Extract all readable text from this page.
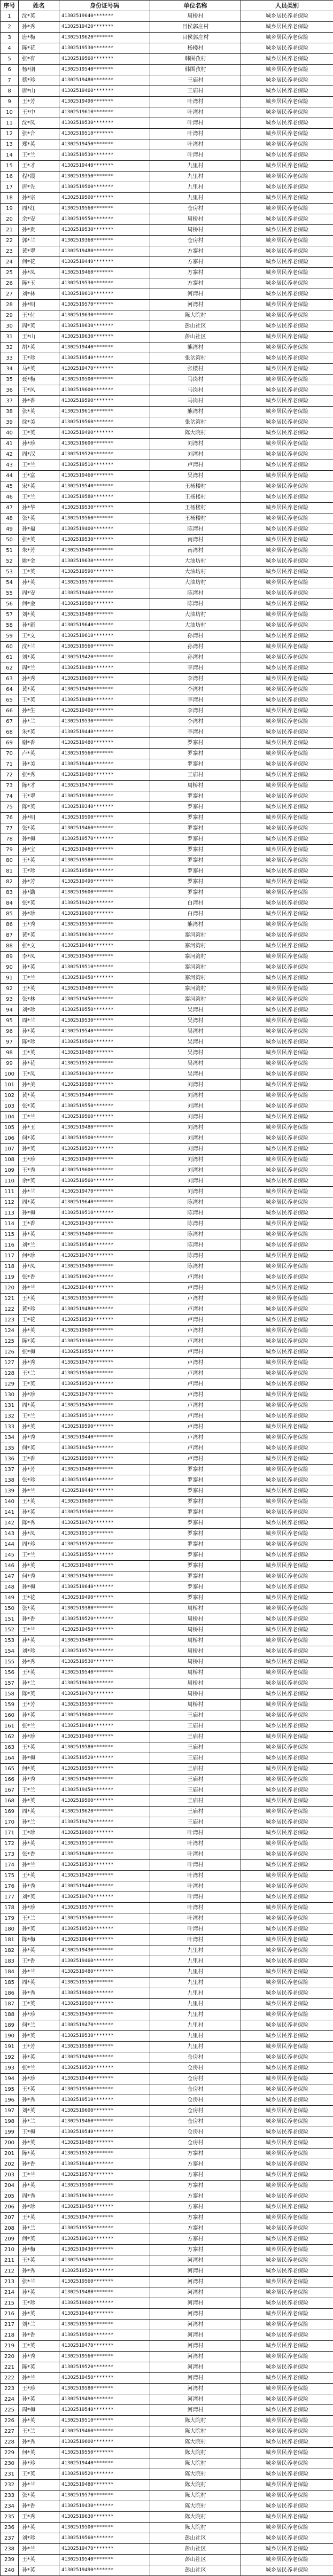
序号	姓名	身份证号码	单位名称	人员类别
1	沈*英	41302519640*******	周桥村	城乡居民养老保险
2	孙*秀	41302519420*******	目侯郭庄村	城乡居民养老保险
3	唐*梅	41302519620*******	目侯郭庄村	城乡居民养老保险
4	陈*花	41302519530*******	杨楼村	城乡居民养老保险
5	张*有	41302519560*******	韩围孜村	城乡居民养老保险
6	杨*朋	41302519540*******	韩围孜村	城乡居民养老保险
7	蔡*珍	41302519480*******	王庙村	城乡居民养老保险
8	唐*山	41302519460*******	王庙村	城乡居民养老保险
9	王*芳	41302519490*******	叶湾村	城乡居民养老保险
10	王*中	41302519610*******	叶湾村	城乡居民养老保险
11	沈*凤	41302519530*******	叶湾村	城乡居民养老保险
12	张*合	41302519510*******	叶湾村	城乡居民养老保险
13	郑*英	41302519450*******	叶湾村	城乡居民养老保险
14	王*兰	41302519530*******	叶湾村	城乡居民养老保险
15	王*才	41302519440*******	九里村	城乡居民养老保险
16	程*霞	41302519350*******	九里村	城乡居民养老保险
17	唐*先	41302519500*******	九里村	城乡居民养老保险
18	孙*宗	41302519500*******	九里村	城乡居民养老保险
19	周*红	41302519560*******	仓房村	城乡居民养老保险
20	余*安	41302519550*******	周桥村	城乡居民养老保险
21	孙*贵	41302519530*******	周桥村	城乡居民养老保险
22	郭*兰	41302519360*******	仓房村	城乡居民养老保险
23	黄*翠	41302519480*******	方寨村	城乡居民养老保险
24	何*花	41302519440*******	方寨村	城乡居民养老保险
25	孙*凤	41302519460*******	方寨村	城乡居民养老保险
26	陈*玉	41302519530*******	方寨村	城乡居民养老保险
27	刘*林	41302519610*******	河湾村	城乡居民养老保险
28	孙*明	41302519570*******	河湾村	城乡居民养老保险
29	王*付	41302519630*******	陈大院村	城乡居民养老保险
30	周*英	41302519630*******	彭山社区	城乡居民养老保险
31	王*山	41302519630*******	彭山社区	城乡居民养老保险
32	胡*英	41302519440*******	熊湾村	城乡居民养老保险
33	王*珍	41302519540*******	张岔湾村	城乡居民养老保险
34	马*英	41302519470*******	张楼村	城乡居民养老保险
35	聂*梅	41302519500*******	马岗村	城乡居民养老保险
36	王*风	41302519600*******	马岗村	城乡居民养老保险
37	孙*香	41302519590*******	马岗村	城乡居民养老保险
38	张*英	41302519610*******	熊湾村	城乡居民养老保险
39	徐*美	41302519560*******	张岔湾村	城乡居民养老保险
40	王*英	41302519490*******	陈大院村	城乡居民养老保险
41	孙*珍	41302519600*******	刘湾村	城乡居民养老保险
42	周*汉	41302519520*******	刘湾村	城乡居民养老保险
43	王*兰	41302519510*******	卢湾村	城乡居民养老保险
44	王*富	41302519460*******	吴湾村	城乡居民养老保险
45	宋*英	41302519540*******	王杨楼村	城乡居民养老保险
46	王*兰	41302519580*******	王杨楼村	城乡居民养老保险
47	孙*华	41302519530*******	王杨楼村	城乡居民养老保险
48	张*英	41302519560*******	王杨楼村	城乡居民养老保险
49	孙*福	41302519400*******	陈湾村	城乡居民养老保险
50	张*英	41302519530*******	南湾村	城乡居民养老保险
51	朱*芳	41302519400*******	南湾村	城乡居民养老保险
52	姚*金	41302519630*******	大油坊村	城乡居民养老保险
53	王*英	41302519590*******	大油坊村	城乡居民养老保险
54	孙*英	41302519570*******	大油坊村	城乡居民养老保险
55	周*安	41302519460*******	陈湾村	城乡居民养老保险
56	何*金	41302519580*******	陈湾村	城乡居民养老保险
57	刘*英	41302519480*******	大油坊村	城乡居民养老保险
58	孙*新	41302519640*******	大油坊村	城乡居民养老保险
59	王*文	41302519610*******	孙湾村	城乡居民养老保险
60	沈*兰	41302519560*******	孙湾村	城乡居民养老保险
61	刘*英	41302519420*******	孙湾村	城乡居民养老保险
62	周*兰	41302519480*******	李湾村	城乡居民养老保险
63	孙*秀	41302519600*******	李湾村	城乡居民养老保险
64	黄*英	41302519490*******	李湾村	城乡居民养老保险
65	王*英	41302519480*******	李湾村	城乡居民养老保险
66	孙*生	41302519400*******	李湾村	城乡居民养老保险
67	孙*兰	41302519530*******	李湾村	城乡居民养老保险
68	朱*英	41302519440*******	李湾村	城乡居民养老保险
69	谢*香	41302519480*******	罗寨村	城乡居民养老保险
70	卢*英	41302519560*******	罗寨村	城乡居民养老保险
71	孙*美	41302519440*******	罗寨村	城乡居民养老保险
72	张*秀	41302519480*******	王庙村	城乡居民养老保险
73	陈*才	41302519470*******	周桥村	城乡居民养老保险
74	王*翠	41302519380*******	罗寨村	城乡居民养老保险
75	陈*英	41302519340*******	罗寨村	城乡居民养老保险
76	孙*明	41302519500*******	罗寨村	城乡居民养老保险
77	张*英	41302519460*******	罗寨村	城乡居民养老保险
78	孙*梅	41302519570*******	罗寨村	城乡居民养老保险
79	孙*宝	41302519480*******	罗寨村	城乡居民养老保险
80	王*英	41302519580*******	罗寨村	城乡居民养老保险
81	王*珍	41302519580*******	罗寨村	城乡居民养老保险
82	孙*芳	41302519490*******	罗寨村	城乡居民养老保险
83	孙*勤	41302519600*******	罗寨村	城乡居民养老保险
84	张*英	41302519420*******	白湾村	城乡居民养老保险
85	孙*珍	41302519600*******	白湾村	城乡居民养老保险
86	王*秀	41302519550*******	熊湾村	城乡居民养老保险
87	黄*英	41302519630*******	寨河湾村	城乡居民养老保险
88	张*文	41302519440*******	寨河湾村	城乡居民养老保险
89	李*凤	41302519450*******	寨河湾村	城乡居民养老保险
90	孙*英	41302519510*******	寨河湾村	城乡居民养老保险
91	王*兰	41302519450*******	寨河湾村	城乡居民养老保险
92	王*英	41302519480*******	寨河湾村	城乡居民养老保险
93	张*林	41302519450*******	寨河湾村	城乡居民养老保险
94	刘*珍	41302519550*******	吴湾村	城乡居民养老保险
95	周*兰	41302519530*******	吴湾村	城乡居民养老保险
96	孙*英	41302519540*******	吴湾村	城乡居民养老保险
97	陈*珍	41302519560*******	吴湾村	城乡居民养老保险
98	王*英	41302519480*******	吴湾村	城乡居民养老保险
99	孙*花	41302519520*******	吴湾村	城乡居民养老保险
100	王*凤	41302519430*******	吴湾村	城乡居民养老保险
101	孙*美	41302519580*******	刘湾村	城乡居民养老保险
102	黄*英	41302519440*******	刘湾村	城乡居民养老保险
103	张*英	41302519550*******	刘湾村	城乡居民养老保险
104	王*兰	41302519560*******	刘湾村	城乡居民养老保险
105	孙*玉	41302519480*******	刘湾村	城乡居民养老保险
106	何*英	41302519500*******	刘湾村	城乡居民养老保险
107	孙*英	41302519520*******	刘湾村	城乡居民养老保险
108	王*珍	41302519490*******	刘湾村	城乡居民养老保险
109	王*秀	41302519600*******	刘湾村	城乡居民养老保险
110	余*英	41302519560*******	刘湾村	城乡居民养老保险
111	孙*兰	41302519470*******	刘湾村	城乡居民养老保险
112	周*英	41302519640*******	陈湾村	城乡居民养老保险
113	孙*梅	41302519510*******	陈湾村	城乡居民养老保险
114	王*香	41302519430*******	陈湾村	城乡居民养老保险
115	孙*英	41302519400*******	陈湾村	城乡居民养老保险
116	刘*兰	41302519540*******	陈湾村	城乡居民养老保险
117	何*珍	41302519470*******	陈湾村	城乡居民养老保险
118	孙*凤	41302519490*******	陈湾村	城乡居民养老保险
119	张*香	41302519620*******	卢湾村	城乡居民养老保险
120	孙*兰	41302519440*******	卢湾村	城乡居民养老保险
121	王*英	41302519550*******	卢湾村	城乡居民养老保险
122	黄*珍	41302519480*******	卢湾村	城乡居民养老保险
123	王*花	41302519530*******	卢湾村	城乡居民养老保险
124	孙*英	41302519600*******	卢湾村	城乡居民养老保险
125	陈*英	41302519360*******	卢湾村	城乡居民养老保险
126	张*梅	41302519550*******	卢湾村	城乡居民养老保险
127	孙*秀	41302519470*******	卢湾村	城乡居民养老保险
128	王*兰	41302519560*******	卢湾村	城乡居民养老保险
129	王*英	41302519520*******	卢湾村	城乡居民养老保险
130	孙*珍	41302519470*******	卢湾村	城乡居民养老保险
131	周*英	41302519450*******	卢湾村	城乡居民养老保险
132	王*兰	41302519510*******	卢湾村	城乡居民养老保险
133	孙*英	41302519590*******	卢湾村	城乡居民养老保险
134	孙*秀	41302519440*******	卢湾村	城乡居民养老保险
135	何*英	41302519450*******	卢湾村	城乡居民养老保险
136	王*香	41302519500*******	卢湾村	城乡居民养老保险
137	孙*芳	41302519480*******	罗寨村	城乡居民养老保险
138	张*珍	41302519540*******	罗寨村	城乡居民养老保险
139	孙*兰	41302519440*******	罗寨村	城乡居民养老保险
140	王*英	41302519600*******	罗寨村	城乡居民养老保险
141	孙*英	41302519560*******	罗寨村	城乡居民养老保险
142	陈*秀	41302519470*******	罗寨村	城乡居民养老保险
143	孙*凤	41302519510*******	罗寨村	城乡居民养老保险
144	周*珍	41302519520*******	罗寨村	城乡居民养老保险
145	王*兰	41302519550*******	罗寨村	城乡居民养老保险
146	孙*英	41302519460*******	罗寨村	城乡居民养老保险
147	何*秀	41302519430*******	罗寨村	城乡居民养老保险
148	孙*梅	41302519640*******	罗寨村	城乡居民养老保险
149	王*花	41302519490*******	罗寨村	城乡居民养老保险
150	张*英	41302519380*******	周桥村	城乡居民养老保险
151	孙*香	41302519520*******	周桥村	城乡居民养老保险
152	王*兰	41302519450*******	周桥村	城乡居民养老保险
153	孙*英	41302519480*******	周桥村	城乡居民养老保险
154	刘*珍	41302519570*******	周桥村	城乡居民养老保险
155	孙*秀	41302519530*******	周桥村	城乡居民养老保险
156	王*英	41302519540*******	周桥村	城乡居民养老保险
157	孙*兰	41302519630*******	周桥村	城乡居民养老保险
158	陈*英	41302519470*******	周桥村	城乡居民养老保险
159	王*芳	41302519550*******	周桥村	城乡居民养老保险
160	孙*英	41302519600*******	王庙村	城乡居民养老保险
161	张*兰	41302519440*******	王庙村	城乡居民养老保险
162	孙*珍	41302519460*******	王庙村	城乡居民养老保险
163	王*英	41302519580*******	王庙村	城乡居民养老保险
164	孙*梅	41302519520*******	王庙村	城乡居民养老保险
165	何*英	41302519550*******	王庙村	城乡居民养老保险
166	孙*秀	41302519490*******	王庙村	城乡居民养老保险
167	王*兰	41302519450*******	王庙村	城乡居民养老保险
168	孙*英	41302519500*******	王庙村	城乡居民养老保险
169	周*英	41302519620*******	王庙村	城乡居民养老保险
170	孙*兰	41302519470*******	王庙村	城乡居民养老保险
171	王*珍	41302519600*******	叶湾村	城乡居民养老保险
172	孙*英	41302519510*******	叶湾村	城乡居民养老保险
173	张*香	41302519480*******	叶湾村	城乡居民养老保险
174	孙*兰	41302519530*******	叶湾村	城乡居民养老保险
175	王*英	41302519420*******	叶湾村	城乡居民养老保险
176	孙*秀	41302519440*******	叶湾村	城乡居民养老保险
177	刘*英	41302519470*******	叶湾村	城乡居民养老保险
178	孙*珍	41302519570*******	叶湾村	城乡居民养老保险
179	王*兰	41302519560*******	叶湾村	城乡居民养老保险
180	孙*英	41302519520*******	叶湾村	城乡居民养老保险
181	陈*梅	41302519640*******	叶湾村	城乡居民养老保险
182	孙*英	41302519430*******	九里村	城乡居民养老保险
183	王*香	41302519460*******	九里村	城乡居民养老保险
184	孙*兰	41302519480*******	九里村	城乡居民养老保险
185	周*英	41302519550*******	九里村	城乡居民养老保险
186	孙*秀	41302519600*******	九里村	城乡居民养老保险
187	王*英	41302519500*******	九里村	城乡居民养老保险
188	孙*珍	41302519450*******	九里村	城乡居民养老保险
189	何*兰	41302519470*******	九里村	城乡居民养老保险
190	孙*英	41302519530*******	九里村	城乡居民养老保险
191	王*芳	41302519580*******	九里村	城乡居民养老保险
192	孙*英	41302519490*******	仓房村	城乡居民养老保险
193	张*兰	41302519520*******	仓房村	城乡居民养老保险
194	孙*珍	41302519440*******	仓房村	城乡居民养老保险
195	王*英	41302519560*******	仓房村	城乡居民养老保险
196	孙*秀	41302519510*******	仓房村	城乡居民养老保险
197	刘*英	41302519600*******	仓房村	城乡居民养老保险
198	孙*兰	41302519460*******	仓房村	城乡居民养老保险
199	王*梅	41302519540*******	仓房村	城乡居民养老保险
200	孙*英	41302519480*******	仓房村	城乡居民养老保险
201	陈*英	41302519520*******	方寨村	城乡居民养老保险
202	孙*香	41302519440*******	方寨村	城乡居民养老保险
203	王*兰	41302519570*******	方寨村	城乡居民养老保险
204	孙*英	41302519500*******	方寨村	城乡居民养老保险
205	周*秀	41302519630*******	方寨村	城乡居民养老保险
206	孙*珍	41302519450*******	方寨村	城乡居民养老保险
207	王*英	41302519470*******	方寨村	城乡居民养老保险
208	孙*兰	41302519550*******	方寨村	城乡居民养老保险
209	何*英	41302519610*******	方寨村	城乡居民养老保险
210	孙*梅	41302519430*******	方寨村	城乡居民养老保险
211	王*英	41302519490*******	河湾村	城乡居民养老保险
212	孙*秀	41302519520*******	河湾村	城乡居民养老保险
213	张*兰	41302519560*******	河湾村	城乡居民养老保险
214	孙*英	41302519480*******	河湾村	城乡居民养老保险
215	王*珍	41302519600*******	河湾村	城乡居民养老保险
216	孙*英	41302519440*******	河湾村	城乡居民养老保险
217	刘*兰	41302519530*******	河湾村	城乡居民养老保险
218	孙*香	41302519500*******	河湾村	城乡居民养老保险
219	王*英	41302519470*******	河湾村	城乡居民养老保险
220	孙*秀	41302519560*******	河湾村	城乡居民养老保险
221	陈*英	41302519520*******	河湾村	城乡居民养老保险
222	孙*兰	41302519450*******	河湾村	城乡居民养老保险
223	王*珍	41302519580*******	河湾村	城乡居民养老保险
224	孙*英	41302519490*******	河湾村	城乡居民养老保险
225	周*梅	41302519540*******	河湾村	城乡居民养老保险
226	孙*英	41302519510*******	陈大院村	城乡居民养老保险
227	王*兰	41302519460*******	陈大院村	城乡居民养老保险
228	孙*秀	41302519600*******	陈大院村	城乡居民养老保险
229	何*英	41302519550*******	陈大院村	城乡居民养老保险
230	孙*珍	41302519440*******	陈大院村	城乡居民养老保险
231	王*英	41302519520*******	陈大院村	城乡居民养老保险
232	孙*兰	41302519480*******	陈大院村	城乡居民养老保险
233	张*英	41302519570*******	陈大院村	城乡居民养老保险
234	孙*香	41302519430*******	陈大院村	城乡居民养老保险
235	王*秀	41302519630*******	陈大院村	城乡居民养老保险
236	孙*英	41302519500*******	陈大院村	城乡居民养老保险
237	刘*珍	41302519560*******	彭山社区	城乡居民养老保险
238	孙*兰	41302519470*******	彭山社区	城乡居民养老保险
239	王*英	41302519540*******	彭山社区	城乡居民养老保险
240	孙*英	41302519490*******	彭山社区	城乡居民养老保险
